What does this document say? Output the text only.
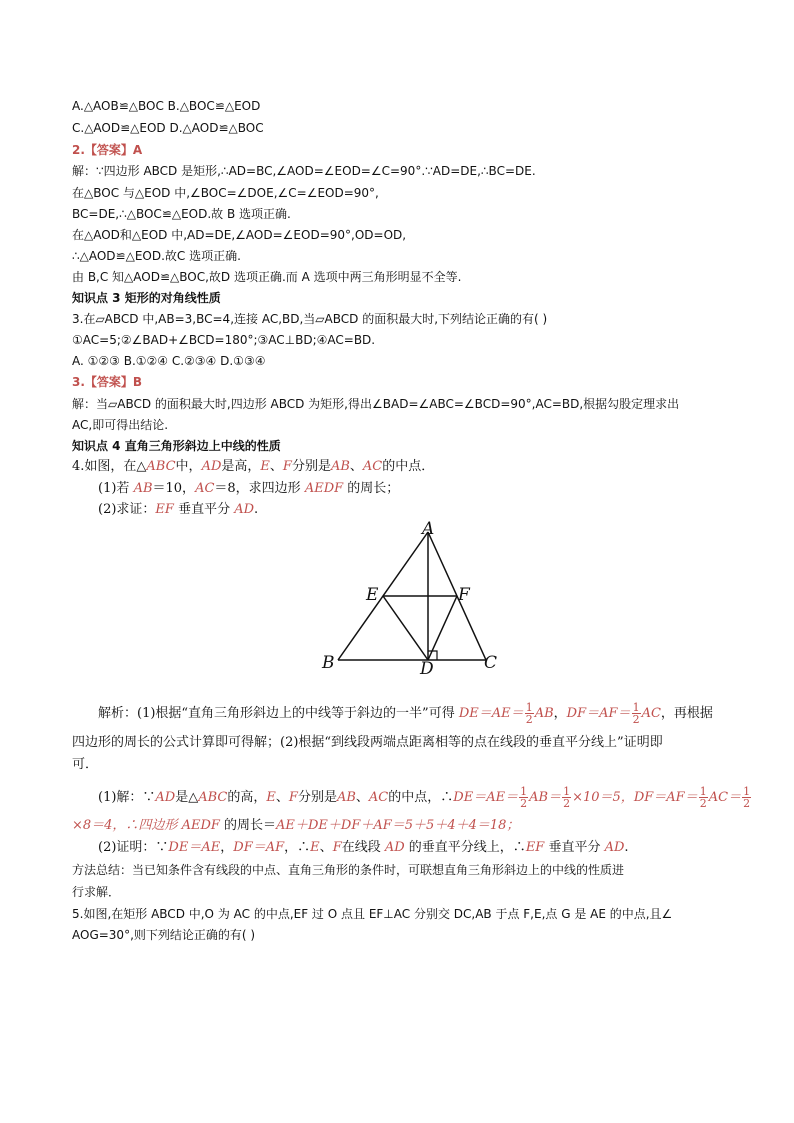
A.△AOB≌△BOC B.△BOC≌△EOD
C.△AOD≌△EOD D.△AOD≌△BOC
2.【答案】A
解：∵四边形 ABCD 是矩形,∴AD=BC,∠AOD=∠EOD=∠C=90°.∵AD=DE,∴BC=DE.
在△BOC 与△EOD 中,∠BOC=∠DOE,∠C=∠EOD=90°,
BC=DE,∴△BOC≌△EOD.故 B 选项正确.
在△AOD和△EOD 中,AD=DE,∠AOD=∠EOD=90°,OD=OD,
∴△AOD≌△EOD.故C 选项正确.
由 B,C 知△AOD≌△BOC,故D 选项正确.而 A 选项中两三角形明显不全等.
知识点 3 矩形的对角线性质
3.在▱ABCD 中,AB=3,BC=4,连接 AC,BD,当▱ABCD 的面积最大时,下列结论正确的有( )
①AC=5;②∠BAD+∠BCD=180°;③AC⊥BD;④AC=BD.
A. ①②③ B.①②④ C.②③④ D.①③④
3.【答案】B
解：当▱ABCD 的面积最大时,四边形 ABCD 为矩形,得出∠BAD=∠ABC=∠BCD=90°,AC=BD,根据勾股定理求出
AC,即可得出结论.
知识点 4 直角三角形斜边上中线的性质
4.如图，在△ABC中，AD是高，E、F分别是AB、AC的中点．
(1)若 AB＝10，AC＝8，求四边形 AEDF 的周长；
(2)求证：EF 垂直平分 AD.
A
B	C
D
E	F
解析：(1)根据“直角三角形斜边上的中线等于斜边的一半”可得 $DE=AE= \frac{1}{2}$ AB，$DF=AF= \frac{1}{2}$ AC，再根据
四边形的周长的公式计算即可得解；(2)根据“到线段两端点距离相等的点在线段的垂直平分线上”证明即
可．
(1)解：∵AD是△ABC的高，E、F分别是AB、AC的中点，∴DE＝AE＝ $\frac{1}{2} AB= \frac{1}{2} \times 10=5$，$DF=AF= \frac{1}{2} AC= \frac{1}{2}$
×8＝4，∴四边形 AEDF 的周长＝AE＋DE＋DF＋AF＝5＋5＋4＋4＝18；
(2)证明：∵DE＝AE，DF＝AF，∴E、F在线段 AD 的垂直平分线上，∴EF 垂直平分 AD.
方法总结：当已知条件含有线段的中点、直角三角形的条件时，可联想直角三角形斜边上的中线的性质进
行求解．
5.如图,在矩形 ABCD 中,O 为 AC 的中点,EF 过 O 点且 EF⊥AC 分别交 DC,AB 于点 F,E,点 G 是 AE 的中点,且∠
AOG=30°,则下列结论正确的有( )
